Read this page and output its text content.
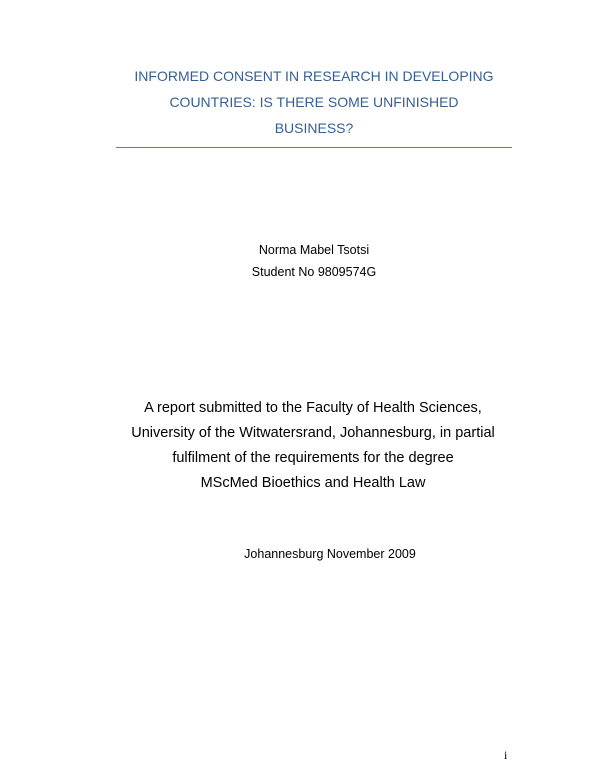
INFORMED CONSENT IN RESEARCH IN DEVELOPING
COUNTRIES: IS THERE SOME UNFINISHED
BUSINESS?
Norma Mabel Tsotsi
Student No 9809574G
A report submitted to the Faculty of Health Sciences,
University of the Witwatersrand, Johannesburg, in partial
fulfilment of the requirements for the degree
MScMed Bioethics and Health Law
Johannesburg November 2009
i
